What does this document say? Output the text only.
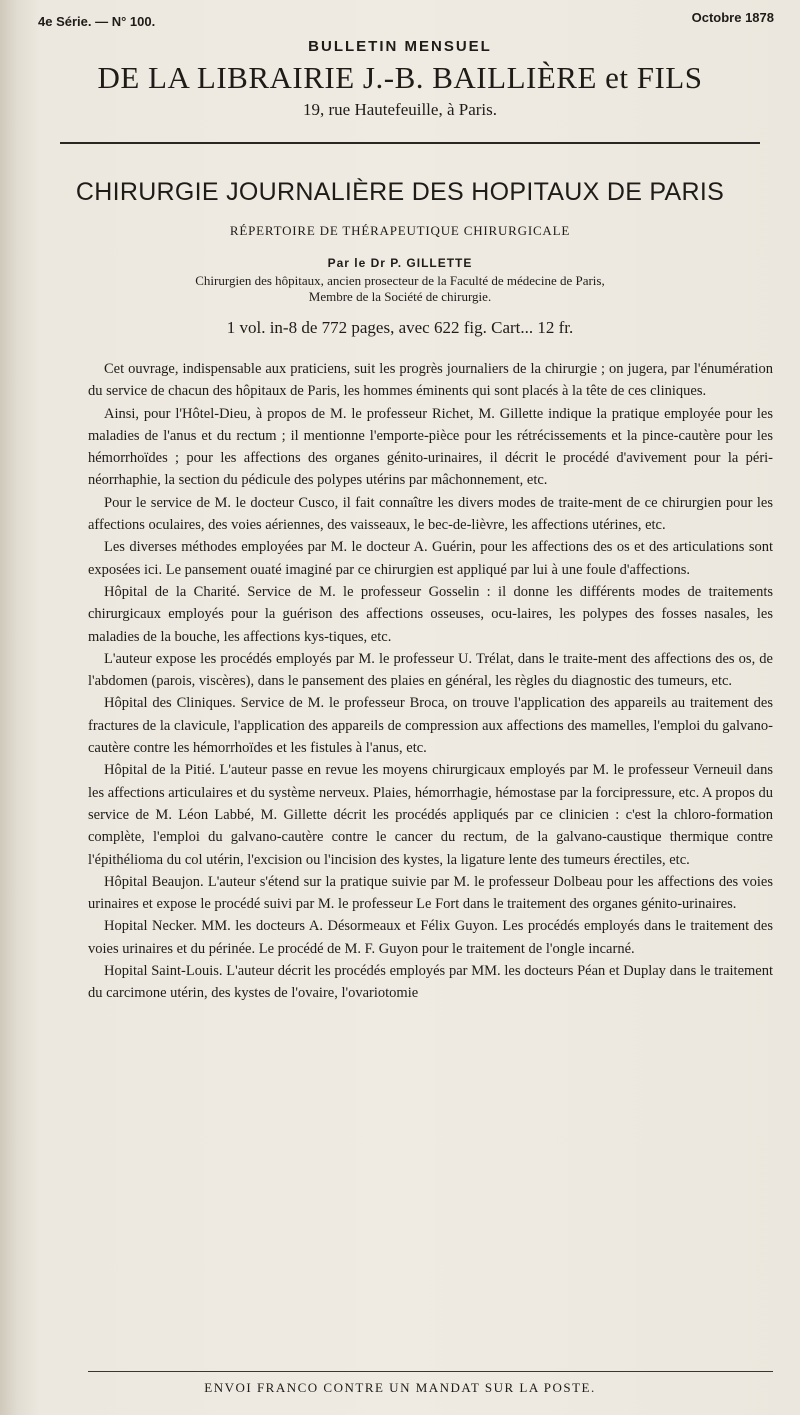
4e Série. — N° 100.	Octobre 1878
BULLETIN MENSUEL
DE LA LIBRAIRIE J.-B. BAILLIÈRE et FILS
19, rue Hautefeuille, à Paris.
CHIRURGIE JOURNALIÈRE DES HOPITAUX DE PARIS
RÉPERTOIRE DE THÉRAPEUTIQUE CHIRURGICALE
Par le Dr P. GILLETTE
Chirurgien des hôpitaux, ancien prosecteur de la Faculté de médecine de Paris,
Membre de la Société de chirurgie.
1 vol. in-8 de 772 pages, avec 622 fig. Cart... 12 fr.

Cet ouvrage, indispensable aux praticiens, suit les progrès journaliers de la chirurgie ; on jugera, par l'énumération du service de chacun des hôpitaux de Paris, les hommes éminents qui sont placés à la tête de ces cliniques.

Ainsi, pour l'Hôtel-Dieu, à propos de M. le professeur Richet, M. Gillette indique la pratique employée pour les maladies de l'anus et du rectum ; il mentionne l'emporte-pièce pour les rétrécissements et la pince-cautère pour les hémorrhoïdes ; pour les affections des organes génito-urinaires, il décrit le procédé d'avivement pour la péri-néorrhaphie, la section du pédicule des polypes utérins par mâchonnement, etc.

Pour le service de M. le docteur Cusco, il fait connaître les divers modes de traite-ment de ce chirurgien pour les affections oculaires, des voies aériennes, des vaisseaux, le bec-de-lièvre, les affections utérines, etc.

Les diverses méthodes employées par M. le docteur A. Guérin, pour les affections des os et des articulations sont exposées ici. Le pansement ouaté imaginé par ce chirurgien est appliqué par lui à une foule d'affections.

Hôpital de la Charité. Service de M. le professeur Gosselin : il donne les différents modes de traitements chirurgicaux employés pour la guérison des affections osseuses, ocu-laires, les polypes des fosses nasales, les maladies de la bouche, les affections kys-tiques, etc.

L'auteur expose les procédés employés par M. le professeur U. Trélat, dans le traite-ment des affections des os, de l'abdomen (parois, viscères), dans le pansement des plaies en général, les règles du diagnostic des tumeurs, etc.

Hôpital des Cliniques. Service de M. le professeur Broca, on trouve l'application des appareils au traitement des fractures de la clavicule, l'application des appareils de compression aux affections des mamelles, l'emploi du galvano-cautère contre les hémorrhoïdes et les fistules à l'anus, etc.

Hôpital de la Pitié. L'auteur passe en revue les moyens chirurgicaux employés par M. le professeur Verneuil dans les affections articulaires et du système nerveux. Plaies, hémorrhagie, hémostase par la forcipressure, etc. A propos du service de M. Léon Labbé, M. Gillette décrit les procédés appliqués par ce clinicien : c'est la chloro-formation complète, l'emploi du galvano-cautère contre le cancer du rectum, de la galvano-caustique thermique contre l'épithélioma du col utérin, l'excision ou l'incision des kystes, la ligature lente des tumeurs érectiles, etc.

Hôpital Beaujon. L'auteur s'étend sur la pratique suivie par M. le professeur Dolbeau pour les affections des voies urinaires et expose le procédé suivi par M. le professeur Le Fort dans le traitement des organes génito-urinaires.

Hopital Necker. MM. les docteurs A. Désormeaux et Félix Guyon. Les procédés employés dans le traitement des voies urinaires et du périnée. Le procédé de M. F. Guyon pour le traitement de l'ongle incarné.

Hopital Saint-Louis. L'auteur décrit les procédés employés par MM. les docteurs Péan et Duplay dans le traitement du carcimone utérin, des kystes de l'ovaire, l'ovariotomie

ENVOI FRANCO CONTRE UN MANDAT SUR LA POSTE.
